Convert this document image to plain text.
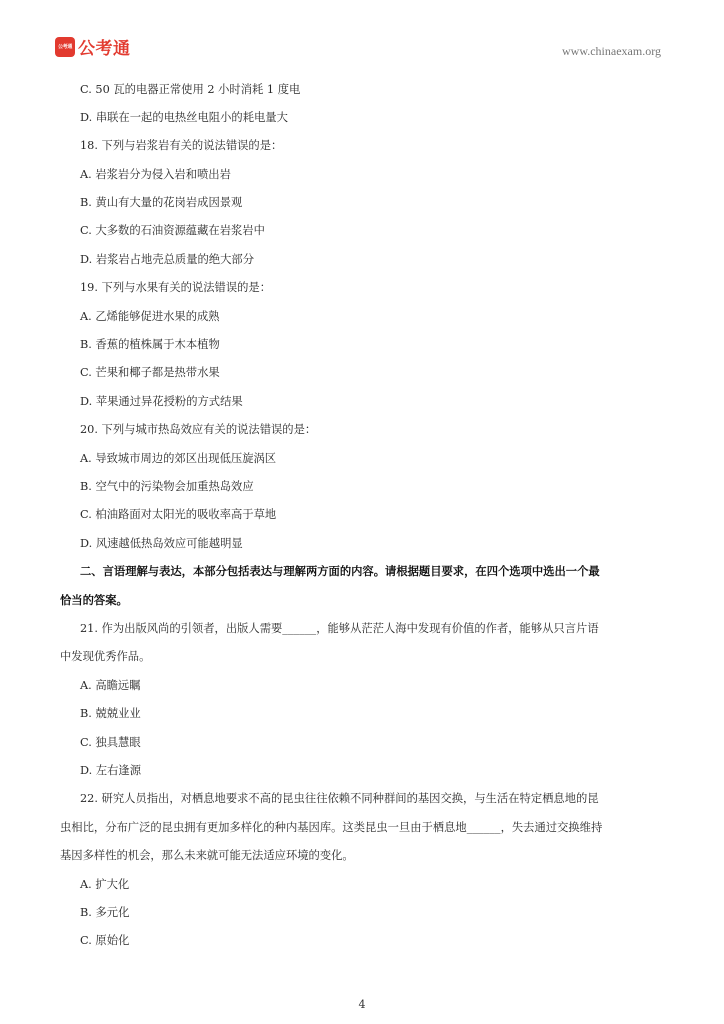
公考通 公考通	www.chinaexam.org
C. 50 瓦的电器正常使用 2 小时消耗 1 度电
D. 串联在一起的电热丝电阻小的耗电量大
18. 下列与岩浆岩有关的说法错误的是：
A. 岩浆岩分为侵入岩和喷出岩
B. 黄山有大量的花岗岩成因景观
C. 大多数的石油资源蕴藏在岩浆岩中
D. 岩浆岩占地壳总质量的绝大部分
19. 下列与水果有关的说法错误的是：
A. 乙烯能够促进水果的成熟
B. 香蕉的植株属于木本植物
C. 芒果和椰子都是热带水果
D. 苹果通过异花授粉的方式结果
20. 下列与城市热岛效应有关的说法错误的是：
A. 导致城市周边的郊区出现低压旋涡区
B. 空气中的污染物会加重热岛效应
C. 柏油路面对太阳光的吸收率高于草地
D. 风速越低热岛效应可能越明显
二、言语理解与表达，本部分包括表达与理解两方面的内容。请根据题目要求，在四个选项中选出一个最
恰当的答案。
21. 作为出版风尚的引领者，出版人需要______，能够从茫茫人海中发现有价值的作者，能够从只言片语
中发现优秀作品。
A. 高瞻远瞩
B. 兢兢业业
C. 独具慧眼
D. 左右逢源
22. 研究人员指出，对栖息地要求不高的昆虫往往依赖不同种群间的基因交换，与生活在特定栖息地的昆
虫相比，分布广泛的昆虫拥有更加多样化的种内基因库。这类昆虫一旦由于栖息地______，失去通过交换维持
基因多样性的机会，那么未来就可能无法适应环境的变化。
A. 扩大化
B. 多元化
C. 原始化
4
